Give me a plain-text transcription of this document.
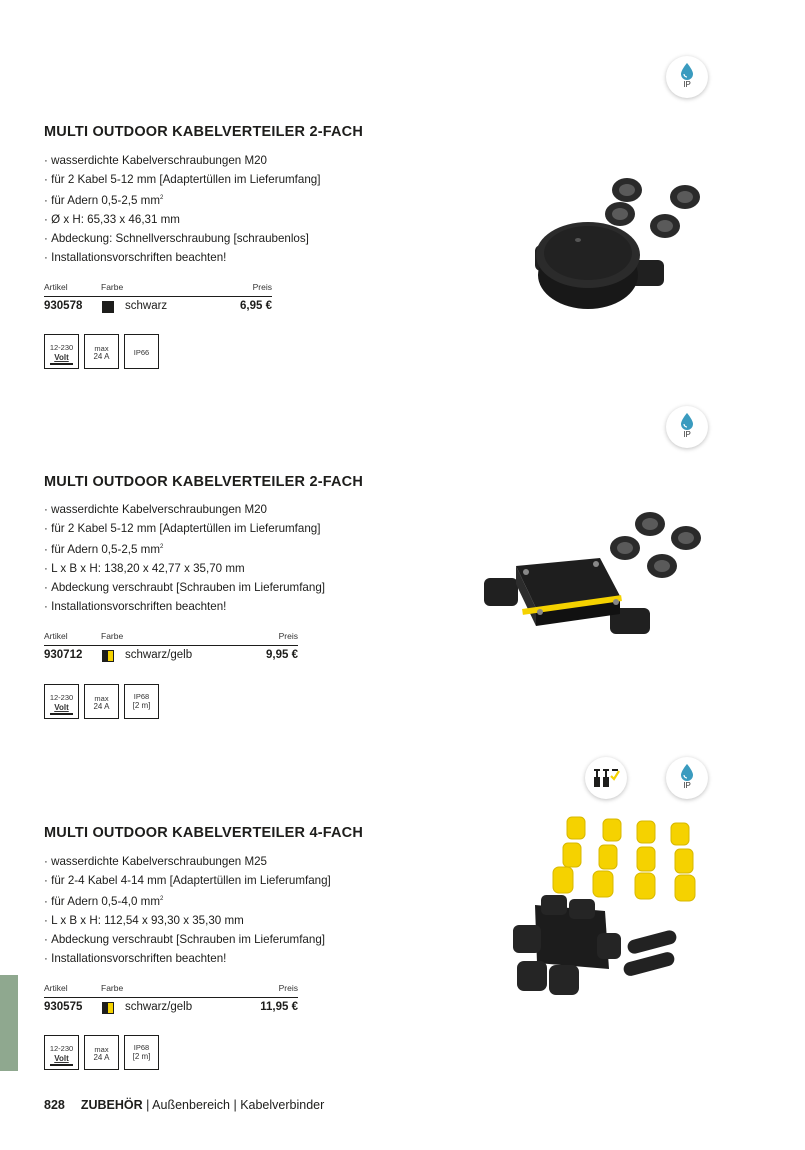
IP
MULTI OUTDOOR KABELVERTEILER 2-FACH
· wasserdichte Kabelverschraubungen M20
· für 2 Kabel 5-12 mm [Adaptertüllen im Lieferumfang]
· für Adern 0,5-2,5 $mm^2$
· Ø x H: 65,33 x 46,31 mm
· Abdeckung: Schnellverschraubung [schraubenlos]
· Installationsvorschriften beachten!
Artikel	Farbe	Preis
930578	schwarz	6,95 €
12-230
Volt
max
24 A	IP66
IP
MULTI OUTDOOR KABELVERTEILER 2-FACH
· wasserdichte Kabelverschraubungen M20
· für 2 Kabel 5-12 mm [Adaptertüllen im Lieferumfang]
· für Adern 0,5-2,5 $mm^2$
· L x B x H: 138,20 x 42,77 x 35,70 mm
· Abdeckung verschraubt [Schrauben im Lieferumfang]
· Installationsvorschriften beachten!
Artikel	Farbe	Preis
930712	schwarz/gelb	9,95 €
12-230
Volt
max
24 A
IP68
[2 m]
IP
MULTI OUTDOOR KABELVERTEILER 4-FACH
· wasserdichte Kabelverschraubungen M25
· für 2-4 Kabel 4-14 mm [Adaptertüllen im Lieferumfang]
· für Adern 0,5-4,0 $mm^2$
· L x B x H: 112,54 x 93,30 x 35,30 mm
· Abdeckung verschraubt [Schrauben im Lieferumfang]
· Installationsvorschriften beachten!
Artikel	Farbe	Preis
930575	schwarz/gelb	11,95 €
12-230
Volt
max
24 A
IP68
[2 m]
828 ZUBEHÖR | Außenbereich | Kabelverbinder
